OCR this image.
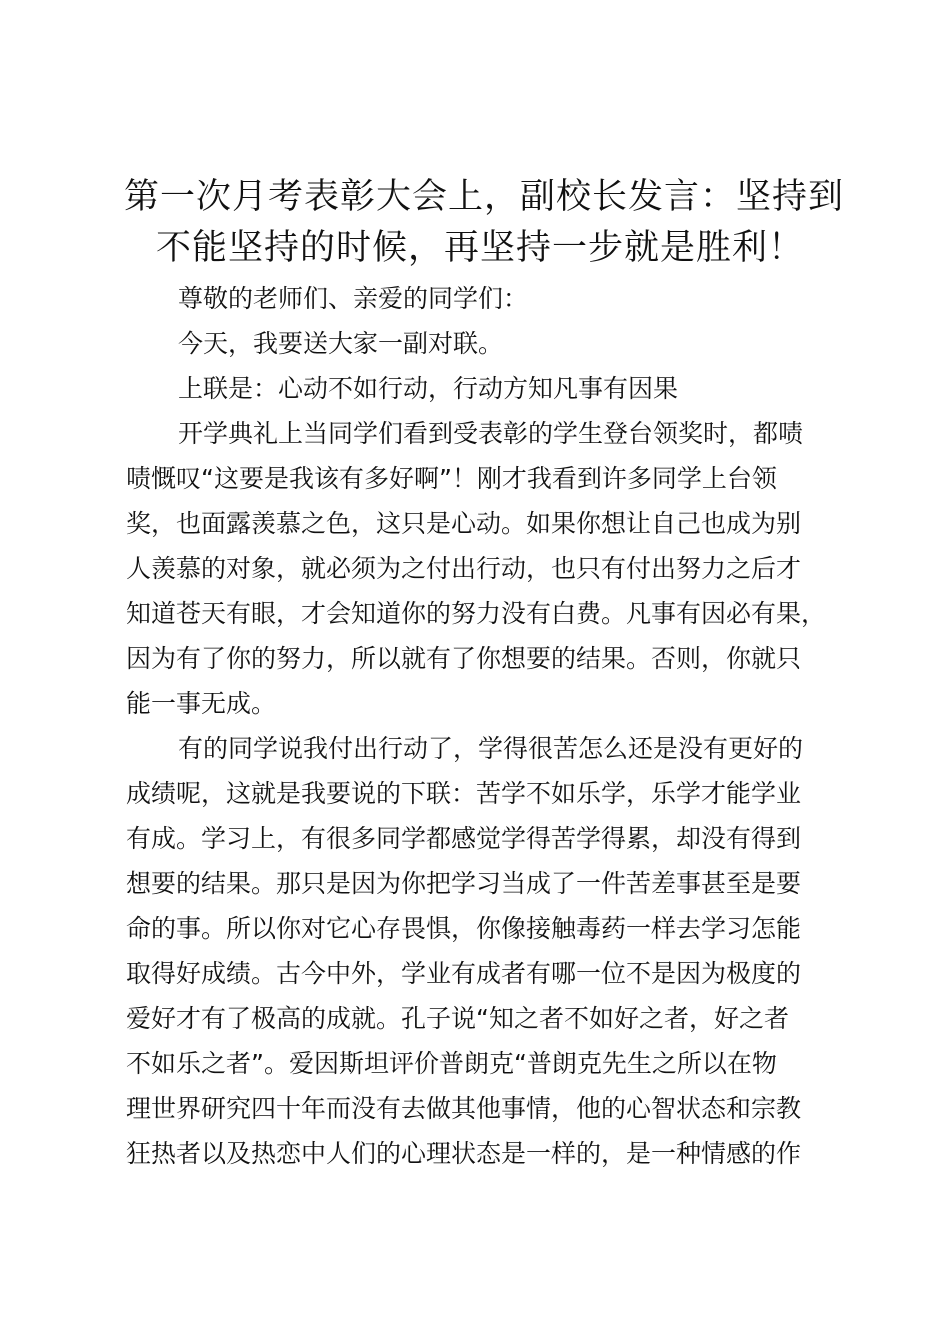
第一次月考表彰大会上，副校长发言：坚持到
不能坚持的时候，再坚持一步就是胜利！

尊敬的老师们、亲爱的同学们：

今天，我要送大家一副对联。

上联是：心动不如行动，行动方知凡事有因果

开学典礼上当同学们看到受表彰的学生登台领奖时，都啧
啧慨叹“这要是我该有多好啊”！刚才我看到许多同学上台领
奖，也面露羡慕之色，这只是心动。如果你想让自己也成为别
人羡慕的对象，就必须为之付出行动，也只有付出努力之后才
知道苍天有眼，才会知道你的努力没有白费。凡事有因必有果，
因为有了你的努力，所以就有了你想要的结果。否则，你就只
能一事无成。

有的同学说我付出行动了，学得很苦怎么还是没有更好的
成绩呢，这就是我要说的下联：苦学不如乐学，乐学才能学业
有成。学习上，有很多同学都感觉学得苦学得累，却没有得到
想要的结果。那只是因为你把学习当成了一件苦差事甚至是要
命的事。所以你对它心存畏惧，你像接触毒药一样去学习怎能
取得好成绩。古今中外，学业有成者有哪一位不是因为极度的
爱好才有了极高的成就。孔子说“知之者不如好之者，好之者
不如乐之者”。爱因斯坦评价普朗克“普朗克先生之所以在物
理世界研究四十年而没有去做其他事情，他的心智状态和宗教
狂热者以及热恋中人们的心理状态是一样的，是一种情感的作
